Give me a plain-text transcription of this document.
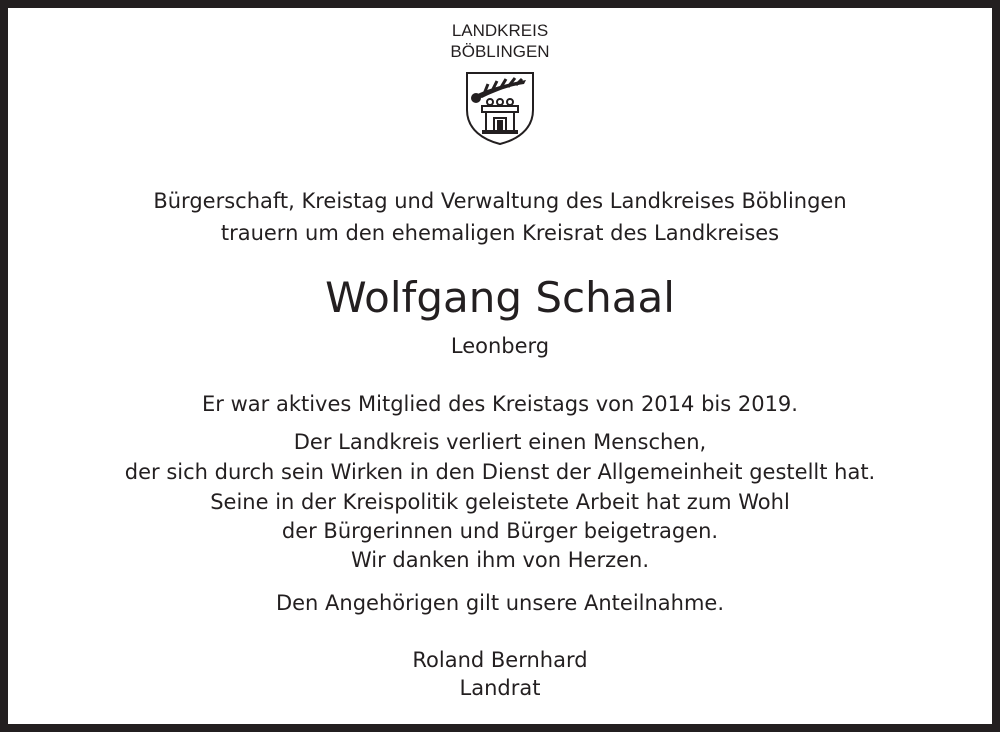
LANDKREIS
BÖBLINGEN
Bürgerschaft, Kreistag und Verwaltung des Landkreises Böblingen
trauern um den ehemaligen Kreisrat des Landkreises
Wolfgang Schaal
Leonberg
Er war aktives Mitglied des Kreistags von 2014 bis 2019.
Der Landkreis verliert einen Menschen,
der sich durch sein Wirken in den Dienst der Allgemeinheit gestellt hat.
Seine in der Kreispolitik geleistete Arbeit hat zum Wohl
der Bürgerinnen und Bürger beigetragen.
Wir danken ihm von Herzen.
Den Angehörigen gilt unsere Anteilnahme.
Roland Bernhard
Landrat
